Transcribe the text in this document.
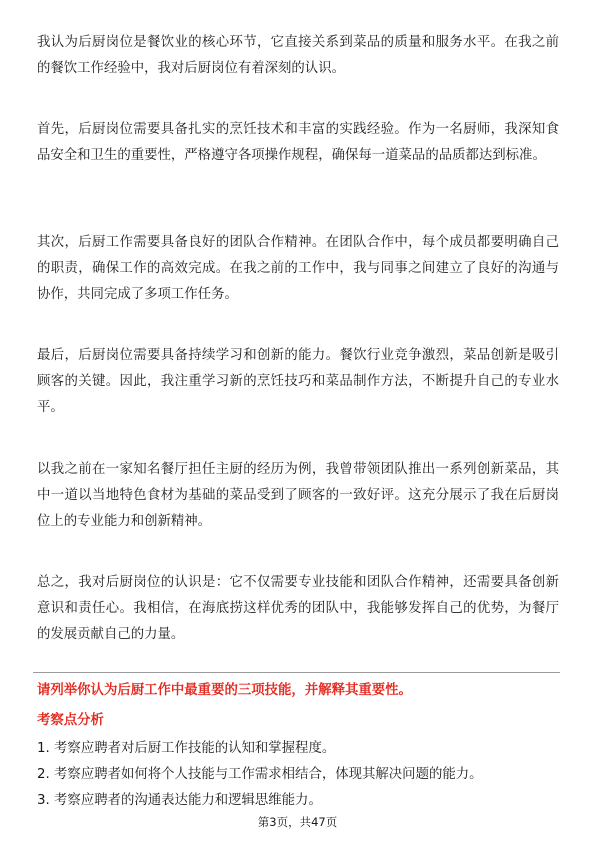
我认为后厨岗位是餐饮业的核心环节，它直接关系到菜品的质量和服务水平。在我之前的餐饮工作经验中，我对后厨岗位有着深刻的认识。

首先，后厨岗位需要具备扎实的烹饪技术和丰富的实践经验。作为一名厨师，我深知食品安全和卫生的重要性，严格遵守各项操作规程，确保每一道菜品的品质都达到标准。

其次，后厨工作需要具备良好的团队合作精神。在团队合作中，每个成员都要明确自己的职责，确保工作的高效完成。在我之前的工作中，我与同事之间建立了良好的沟通与协作，共同完成了多项工作任务。

最后，后厨岗位需要具备持续学习和创新的能力。餐饮行业竞争激烈，菜品创新是吸引顾客的关键。因此，我注重学习新的烹饪技巧和菜品制作方法，不断提升自己的专业水平。

以我之前在一家知名餐厅担任主厨的经历为例，我曾带领团队推出一系列创新菜品，其中一道以当地特色食材为基础的菜品受到了顾客的一致好评。这充分展示了我在后厨岗位上的专业能力和创新精神。

总之，我对后厨岗位的认识是：它不仅需要专业技能和团队合作精神，还需要具备创新意识和责任心。我相信，在海底捞这样优秀的团队中，我能够发挥自己的优势，为餐厅的发展贡献自己的力量。

请列举你认为后厨工作中最重要的三项技能，并解释其重要性。
考察点分析
1. 考察应聘者对后厨工作技能的认知和掌握程度。
2. 考察应聘者如何将个人技能与工作需求相结合，体现其解决问题的能力。
3. 考察应聘者的沟通表达能力和逻辑思维能力。
第3页，共47页
